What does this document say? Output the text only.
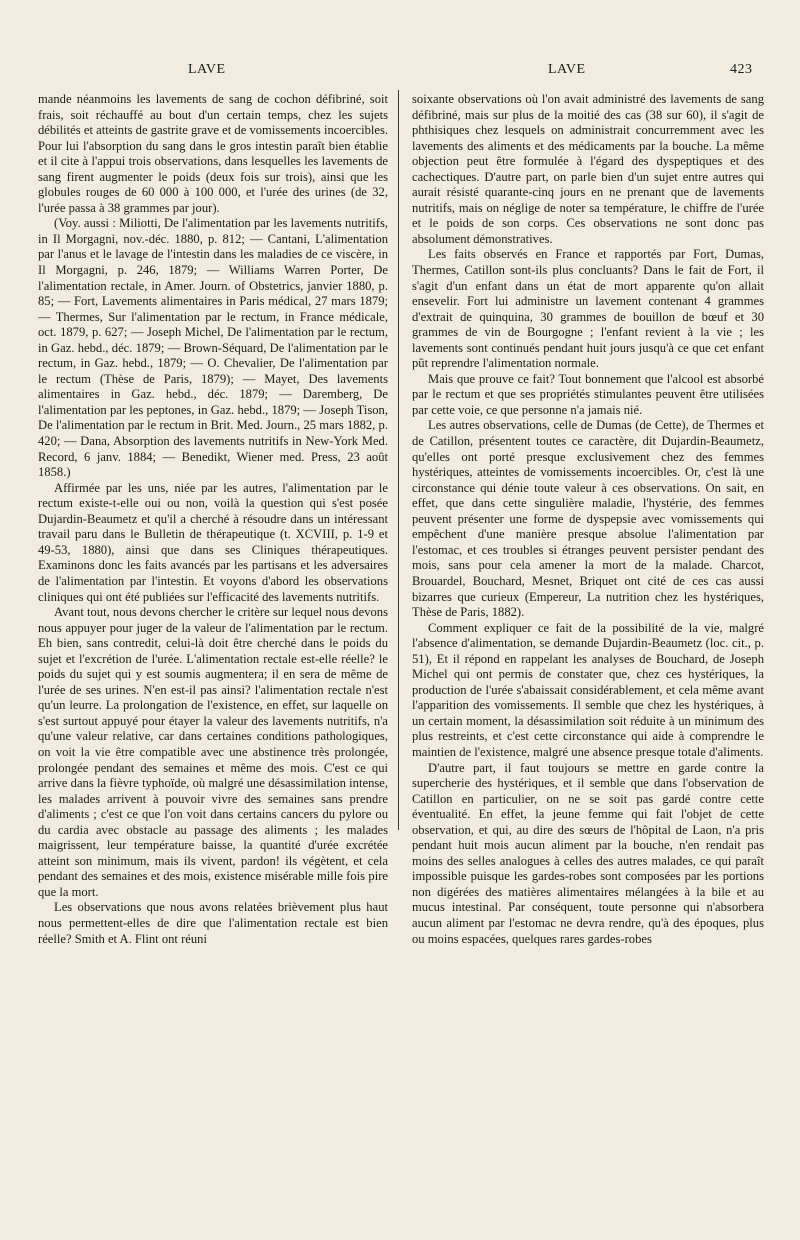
LAVE	LAVE	423

mande néanmoins les lavements de sang de cochon défibriné, soit frais, soit réchauffé au bout d'un certain temps, chez les sujets débilités et atteints de gastrite grave et de vomissements incoercibles. Pour lui l'absorption du sang dans le gros intestin paraît bien établie et il cite à l'appui trois observations, dans lesquelles les lavements de sang firent augmenter le poids (deux fois sur trois), ainsi que les globules rouges de 60 000 à 100 000, et l'urée des urines (de 32, l'urée passa à 38 grammes par jour).

(Voy. aussi : Miliotti, De l'alimentation par les lavements nutritifs, in Il Morgagni, nov.-déc. 1880, p. 812; — Cantani, L'alimentation par l'anus et le lavage de l'intestin dans les maladies de ce viscère, in Il Morgagni, p. 246, 1879; — Williams Warren Porter, De l'alimentation rectale, in Amer. Journ. of Obstetrics, janvier 1880, p. 85; — Fort, Lavements alimentaires in Paris médical, 27 mars 1879; — Thermes, Sur l'alimentation par le rectum, in France médicale, oct. 1879, p. 627; — Joseph Michel, De l'alimentation par le rectum, in Gaz. hebd., déc. 1879; — Brown-Séquard, De l'alimentation par le rectum, in Gaz. hebd., 1879; — O. Chevalier, De l'alimentation par le rectum (Thèse de Paris, 1879); — Mayet, Des lavements alimentaires in Gaz. hebd., déc. 1879; — Daremberg, De l'alimentation par les peptones, in Gaz. hebd., 1879; — Joseph Tison, De l'alimentation par le rectum in Brit. Med. Journ., 25 mars 1882, p. 420; — Dana, Absorption des lavements nutritifs in New-York Med. Record, 6 janv. 1884; — Benedikt, Wiener med. Press, 23 août 1858.)

Affirmée par les uns, niée par les autres, l'alimentation par le rectum existe-t-elle oui ou non, voilà la question qui s'est posée Dujardin-Beaumetz et qu'il a cherché à résoudre dans un intéressant travail paru dans le Bulletin de thérapeutique (t. XCVIII, p. 1-9 et 49-53, 1880), ainsi que dans ses Cliniques thérapeutiques. Examinons donc les faits avancés par les partisans et les adversaires de l'alimentation par l'intestin. Et voyons d'abord les observations cliniques qui ont été publiées sur l'efficacité des lavements nutritifs.

Avant tout, nous devons chercher le critère sur lequel nous devons nous appuyer pour juger de la valeur de l'alimentation par le rectum. Eh bien, sans contredit, celui-là doit être cherché dans le poids du sujet et l'excrétion de l'urée. L'alimentation rectale est-elle réelle? le poids du sujet qui y est soumis augmentera; il en sera de même de l'urée de ses urines. N'en est-il pas ainsi? l'alimentation rectale n'est qu'un leurre. La prolongation de l'existence, en effet, sur laquelle on s'est surtout appuyé pour étayer la valeur des lavements nutritifs, n'a qu'une valeur relative, car dans certaines conditions pathologiques, on voit la vie être compatible avec une abstinence très prolongée, prolongée pendant des semaines et même des mois. C'est ce qui arrive dans la fièvre typhoïde, où malgré une désassimilation intense, les malades arrivent à pouvoir vivre des semaines sans prendre d'aliments ; c'est ce que l'on voit dans certains cancers du pylore ou du cardia avec obstacle au passage des aliments ; les malades maigrissent, leur température baisse, la quantité d'urée excrétée atteint son minimum, mais ils vivent, pardon! ils végètent, et cela pendant des semaines et des mois, existence misérable mille fois pire que la mort.

Les observations que nous avons relatées brièvement plus haut nous permettent-elles de dire que l'alimentation rectale est bien réelle? Smith et A. Flint ont réuni

soixante observations où l'on avait administré des lavements de sang défibriné, mais sur plus de la moitié des cas (38 sur 60), il s'agit de phthisiques chez lesquels on administrait concurremment avec les lavements des aliments et des médicaments par la bouche. La même objection peut être formulée à l'égard des dyspeptiques et des cachectiques. D'autre part, on parle bien d'un sujet entre autres qui aurait résisté quarante-cinq jours en ne prenant que de lavements nutritifs, mais on néglige de noter sa température, le chiffre de l'urée et le poids de son corps. Ces observations ne sont donc pas absolument démonstratives.

Les faits observés en France et rapportés par Fort, Dumas, Thermes, Catillon sont-ils plus concluants? Dans le fait de Fort, il s'agit d'un enfant dans un état de mort apparente qu'on allait ensevelir. Fort lui administre un lavement contenant 4 grammes d'extrait de quinquina, 30 grammes de bouillon de bœuf et 30 grammes de vin de Bourgogne ; l'enfant revient à la vie ; les lavements sont continués pendant huit jours jusqu'à ce que cet enfant pût reprendre l'alimentation normale.

Mais que prouve ce fait? Tout bonnement que l'alcool est absorbé par le rectum et que ses propriétés stimulantes peuvent être utilisées par cette voie, ce que personne n'a jamais nié.

Les autres observations, celle de Dumas (de Cette), de Thermes et de Catillon, présentent toutes ce caractère, dit Dujardin-Beaumetz, qu'elles ont porté presque exclusivement chez des femmes hystériques, atteintes de vomissements incoercibles. Or, c'est là une circonstance qui dénie toute valeur à ces observations. On sait, en effet, que dans cette singulière maladie, l'hystérie, des femmes peuvent présenter une forme de dyspepsie avec vomissements qui empêchent d'une manière presque absolue l'alimentation par l'estomac, et ces troubles si étranges peuvent persister pendant des mois, sans pour cela amener la mort de la malade. Charcot, Brouardel, Bouchard, Mesnet, Briquet ont cité de ces cas aussi bizarres que curieux (Empereur, La nutrition chez les hystériques, Thèse de Paris, 1882).

Comment expliquer ce fait de la possibilité de la vie, malgré l'absence d'alimentation, se demande Dujardin-Beaumetz (loc. cit., p. 51), Et il répond en rappelant les analyses de Bouchard, de Joseph Michel qui ont permis de constater que, chez ces hystériques, la production de l'urée s'abaissait considérablement, et cela même avant l'apparition des vomissements. Il semble que chez les hystériques, à un certain moment, la désassimilation soit réduite à un minimum des plus restreints, et c'est cette circonstance qui aide à comprendre le maintien de l'existence, malgré une absence presque totale d'aliments.

D'autre part, il faut toujours se mettre en garde contre la supercherie des hystériques, et il semble que dans l'observation de Catillon en particulier, on ne se soit pas gardé contre cette éventualité. En effet, la jeune femme qui fait l'objet de cette observation, et qui, au dire des sœurs de l'hôpital de Laon, n'a pris pendant huit mois aucun aliment par la bouche, n'en rendait pas moins des selles analogues à celles des autres malades, ce qui paraît impossible puisque les gardes-robes sont composées par les portions non digérées des matières alimentaires mélangées à la bile et au mucus intestinal. Par conséquent, toute personne qui n'absorbera aucun aliment par l'estomac ne devra rendre, qu'à des époques, plus ou moins espacées, quelques rares gardes-robes
